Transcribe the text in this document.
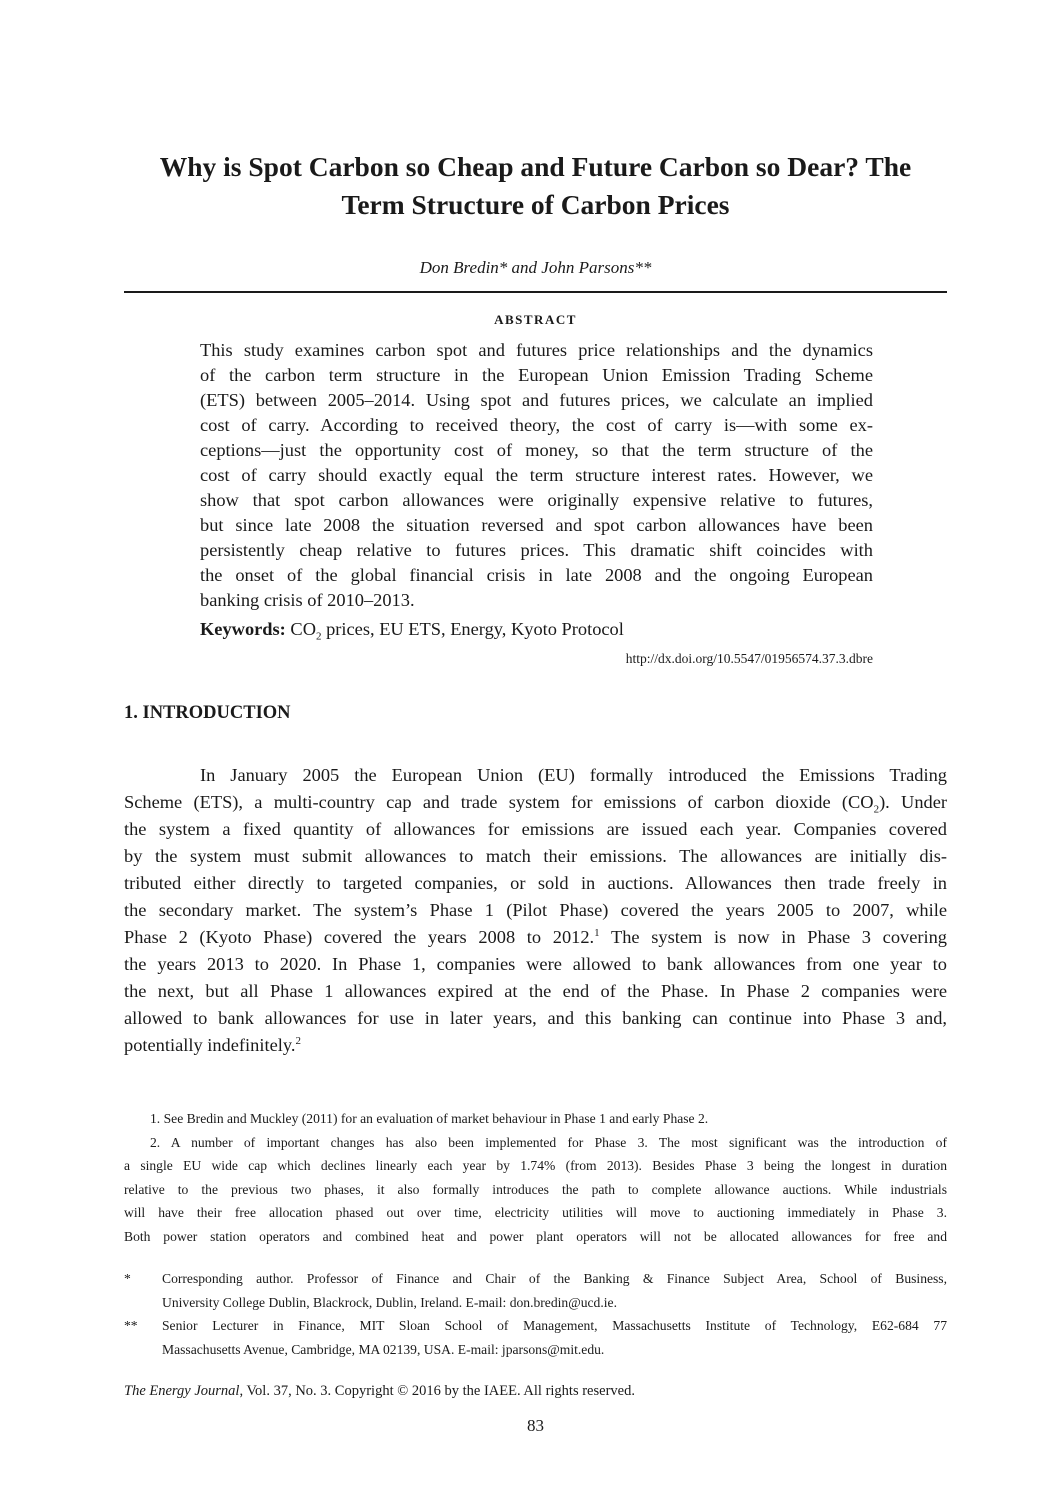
Why is Spot Carbon so Cheap and Future Carbon so Dear? The
Term Structure of Carbon Prices
Don Bredin* and John Parsons**
ABSTRACT
This study examines carbon spot and futures price relationships and the dynamics
of the carbon term structure in the European Union Emission Trading Scheme
(ETS) between 2005–2014. Using spot and futures prices, we calculate an implied
cost of carry. According to received theory, the cost of carry is—with some ex-
ceptions—just the opportunity cost of money, so that the term structure of the
cost of carry should exactly equal the term structure interest rates. However, we
show that spot carbon allowances were originally expensive relative to futures,
but since late 2008 the situation reversed and spot carbon allowances have been
persistently cheap relative to futures prices. This dramatic shift coincides with
the onset of the global financial crisis in late 2008 and the ongoing European
banking crisis of 2010–2013.
Keywords: $CO_2$ prices, EU ETS, Energy, Kyoto Protocol
http://dx.doi.org/10.5547/01956574.37.3.dbre
1. INTRODUCTION
In January 2005 the European Union (EU) formally introduced the Emissions Trading
Scheme (ETS), a multi-country cap and trade system for emissions of carbon dioxide $(CO_2)$. Under
the system a fixed quantity of allowances for emissions are issued each year. Companies covered
by the system must submit allowances to match their emissions. The allowances are initially dis-
tributed either directly to targeted companies, or sold in auctions. Allowances then trade freely in
the secondary market. The system’s Phase 1 (Pilot Phase) covered the years 2005 to 2007, while
Phase 2 (Kyoto Phase) covered the years 2008 to 2012.$^1$ The system is now in Phase 3 covering
the years 2013 to 2020. In Phase 1, companies were allowed to bank allowances from one year to
the next, but all Phase 1 allowances expired at the end of the Phase. In Phase 2 companies were
allowed to bank allowances for use in later years, and this banking can continue into Phase 3 and,
potentially indefinitely.$^2$
1. See Bredin and Muckley (2011) for an evaluation of market behaviour in Phase 1 and early Phase 2.
2. A number of important changes has also been implemented for Phase 3. The most significant was the introduction of
a single EU wide cap which declines linearly each year by 1.74% (from 2013). Besides Phase 3 being the longest in duration
relative to the previous two phases, it also formally introduces the path to complete allowance auctions. While industrials
will have their free allocation phased out over time, electricity utilities will move to auctioning immediately in Phase 3.
Both power station operators and combined heat and power plant operators will not be allocated allowances for free and
*	Corresponding author. Professor of Finance and Chair of the Banking & Finance Subject Area, School of Business,
University College Dublin, Blackrock, Dublin, Ireland. E-mail: don.bredin@ucd.ie.
**	Senior Lecturer in Finance, MIT Sloan School of Management, Massachusetts Institute of Technology, E62-684 77
Massachusetts Avenue, Cambridge, MA 02139, USA. E-mail: jparsons@mit.edu.
The Energy Journal, Vol. 37, No. 3. Copyright © 2016 by the IAEE. All rights reserved.
83
